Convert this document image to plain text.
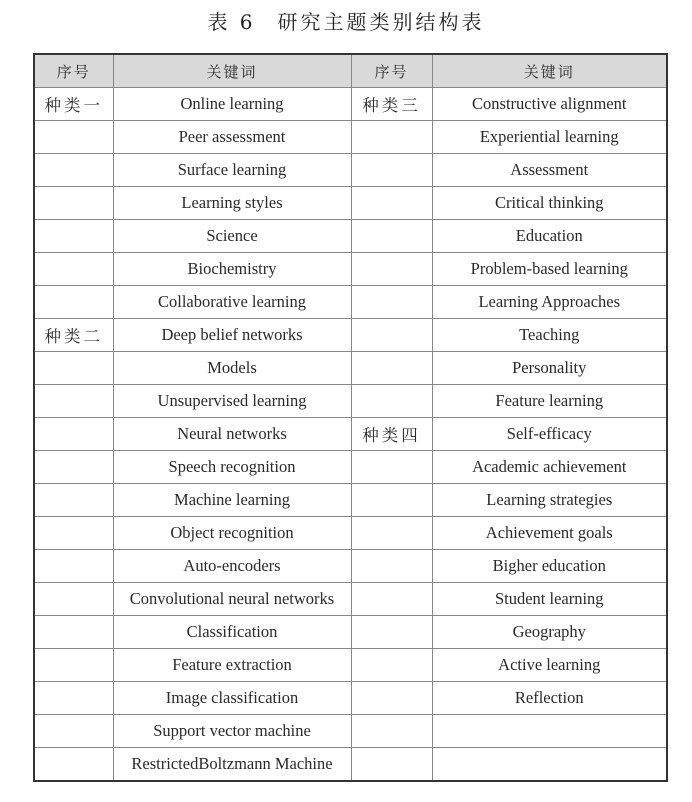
表 6 研究主题类别结构表
序号	关键词	序号	关键词
种类一	Online learning	种类三	Constructive alignment
	Peer assessment		Experiential learning
	Surface learning		Assessment
	Learning styles		Critical thinking
	Science		Education
	Biochemistry		Problem-based learning
	Collaborative learning		Learning Approaches
种类二	Deep belief networks		Teaching
	Models		Personality
	Unsupervised learning		Feature learning
	Neural networks	种类四	Self-efficacy
	Speech recognition		Academic achievement
	Machine learning		Learning strategies
	Object recognition		Achievement goals
	Auto-encoders		Bigher education
	Convolutional neural networks		Student learning
	Classification		Geography
	Feature extraction		Active learning
	Image classification		Reflection
	Support vector machine		
	RestrictedBoltzmann Machine		
